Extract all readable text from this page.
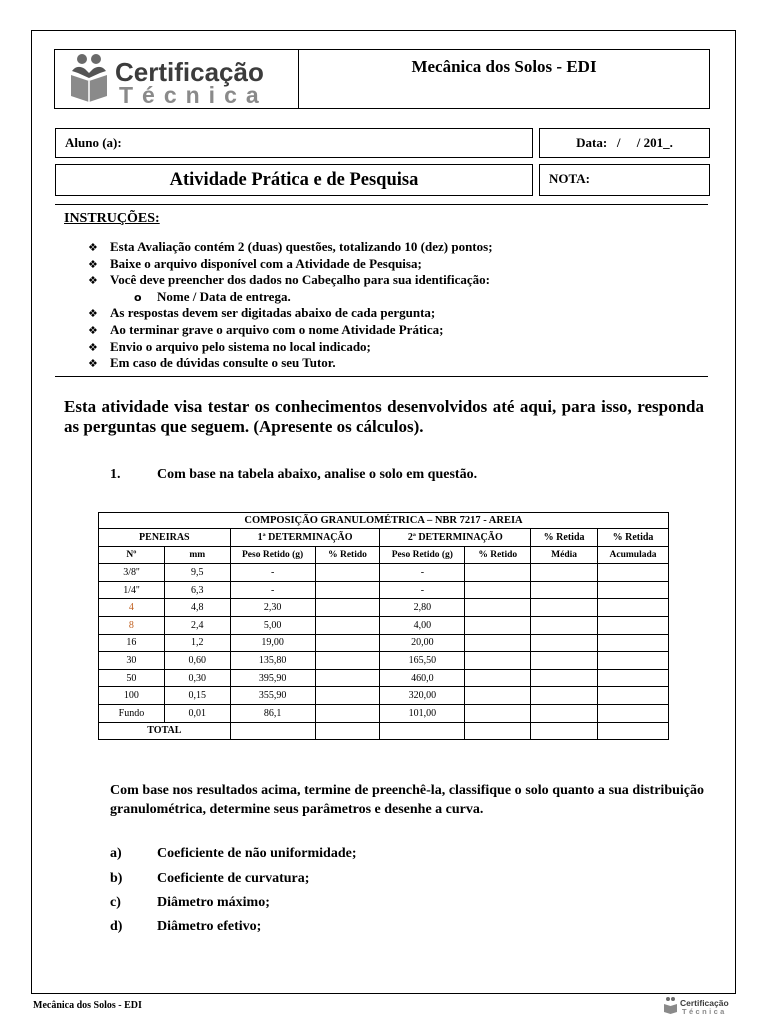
Certificação
Técnica
Mecânica dos Solos - EDI
Aluno (a):	Data:   /     / 201_.
Atividade Prática e de Pesquisa	NOTA:
INSTRUÇÕES:
❖ Esta Avaliação contém 2 (duas) questões, totalizando 10 (dez) pontos;
❖ Baixe o arquivo disponível com a Atividade de Pesquisa;
❖ Você deve preencher dos dados no Cabeçalho para sua identificação:
o	Nome / Data de entrega.
❖ As respostas devem ser digitadas abaixo de cada pergunta;
❖ Ao terminar grave o arquivo com o nome Atividade Prática;
❖ Envio o arquivo pelo sistema no local indicado;
❖ Em caso de dúvidas consulte o seu Tutor.
Esta atividade visa testar os conhecimentos desenvolvidos até aqui, para isso, responda as perguntas que seguem. (Apresente os cálculos).
1.	Com base na tabela abaixo, analise o solo em questão.
COMPOSIÇÃO GRANULOMÉTRICA – NBR 7217 - AREIA							
PENEIRAS		1ª DETERMINAÇÃO		2ª DETERMINAÇÃO		% Retida	% Retida
Nº	mm	Peso Retido (g)	% Retido	Peso Retido (g)	% Retido	Média	Acumulada
3/8''	9,5	-		-			
1/4''	6,3	-		-			
4	4,8	2,30		2,80			
8	2,4	5,00		4,00			
16	1,2	19,00		20,00			
30	0,60	135,80		165,50			
50	0,30	395,90		460,0			
100	0,15	355,90		320,00			
Fundo	0,01	86,1		101,00			
TOTAL							
Com base nos resultados acima, termine de preenchê-la, classifique o solo quanto a sua distribuição granulométrica, determine seus parâmetros e desenhe a curva.
a)	Coeficiente de não uniformidade;
b) Coeficiente de curvatura;
c)	Diâmetro máximo;
d) Diâmetro efetivo;
Mecânica dos Solos - EDI	Certificação
Técnica
